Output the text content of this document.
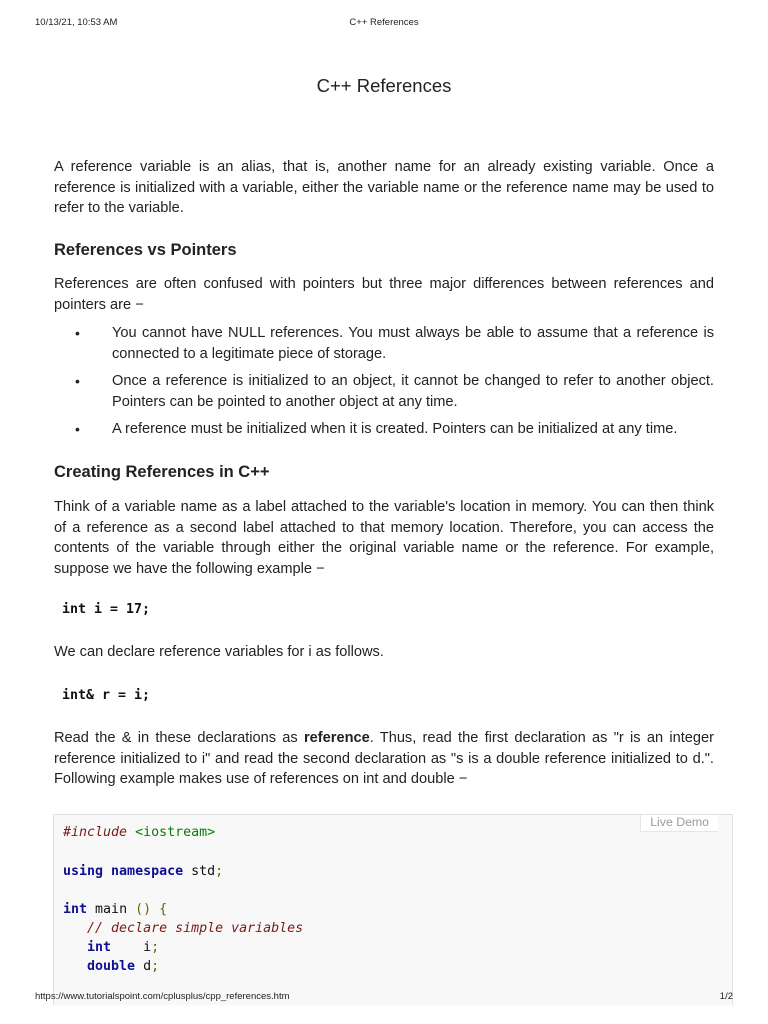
10/13/21, 10:53 AM	C++ References
C++ References

A reference variable is an alias, that is, another name for an already existing variable. Once a reference is initialized with a variable, either the variable name or the reference name may be used to refer to the variable.

References vs Pointers

References are often confused with pointers but three major differences between references and pointers are −

• You cannot have NULL references. You must always be able to assume that a reference is connected to a legitimate piece of storage.
• Once a reference is initialized to an object, it cannot be changed to refer to another object. Pointers can be pointed to another object at any time.
• A reference must be initialized when it is created. Pointers can be initialized at any time.
Creating References in C++

Think of a variable name as a label attached to the variable's location in memory. You can then think of a reference as a second label attached to that memory location. Therefore, you can access the contents of the variable through either the original variable name or the reference. For example, suppose we have the following example −

int i = 17;

We can declare reference variables for i as follows.

int& r = i;

Read the & in these declarations as reference. Thus, read the first declaration as "r is an integer reference initialized to i" and read the second declaration as "s is a double reference initialized to d.". Following example makes use of references on int and double −

Live Demo
#include <iostream>
using namespace std;
int main () {
// declare simple variables
int i;
double d;
https://www.tutorialspoint.com/cplusplus/cpp_references.htm	1/2
